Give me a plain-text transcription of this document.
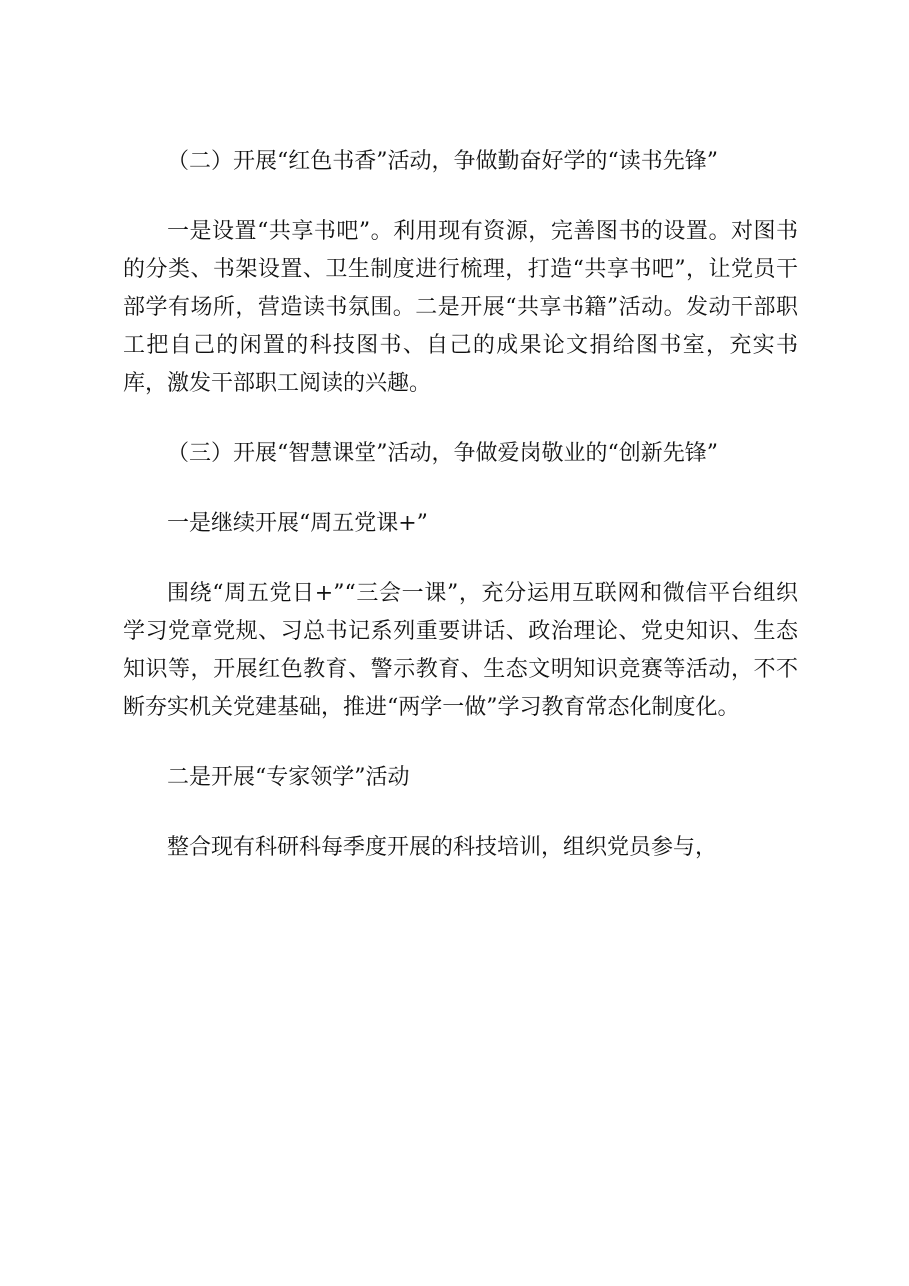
（二）开展“红色书香”活动，争做勤奋好学的“读书先锋”

一是设置“共享书吧”。利用现有资源，完善图书的设置。对图书的分类、书架设置、卫生制度进行梳理，打造“共享书吧”，让党员干部学有场所，营造读书氛围。二是开展“共享书籍”活动。发动干部职工把自己的闲置的科技图书、自己的成果论文捐给图书室，充实书库，激发干部职工阅读的兴趣。

（三）开展“智慧课堂”活动，争做爱岗敬业的“创新先锋”

一是继续开展“周五党课+”

围绕“周五党日+”“三会一课”，充分运用互联网和微信平台组织学习党章党规、习总书记系列重要讲话、政治理论、党史知识、生态知识等，开展红色教育、警示教育、生态文明知识竞赛等活动，不不断夯实机关党建基础，推进“两学一做”学习教育常态化制度化。

二是开展“专家领学”活动

整合现有科研科每季度开展的科技培训，组织党员参与，
